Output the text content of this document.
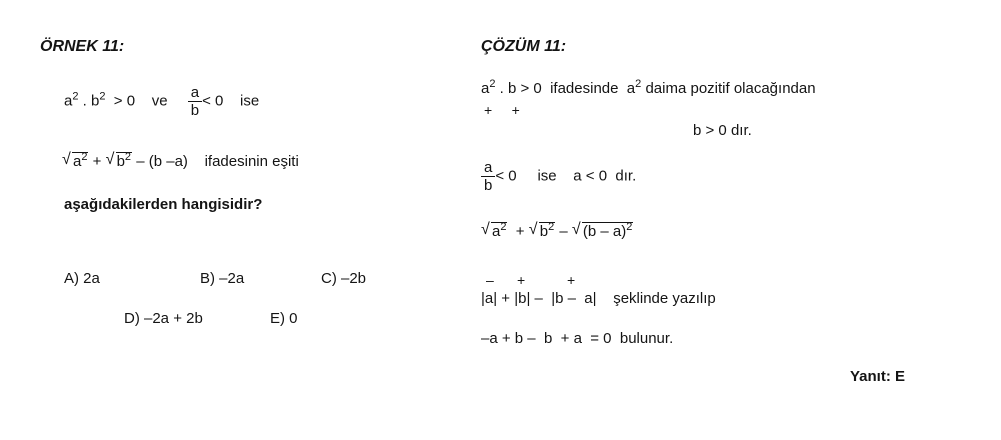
ÖRNEK 11:
$a^2$ . $b^2 > 0$    ve $\frac{a}{b} < 0$    ise
√ $a^2$ + √ $b^2 - (b$ –a)    ifadesinin eşiti
aşağıdakilerden hangisidir?
A) 2a	B) –2a	C) –2b
D) –2a + 2b	E) 0
ÇÖZÜM 11:
$a^2$ . b > 0  ifadesinde  $a^2$ daima pozitif olacağından
+     +
b > 0 dır.
$\frac{a}{b} < 0$     ise    a < 0  dır.
√ $a^2$  + √ $b^2$ – √ (b – a)$^2$
– +	+
|a| + |b| –  |b –  a|    şeklinde yazılıp
–a + b –  b  + a  = 0  bulunur.
Yanıt: E
